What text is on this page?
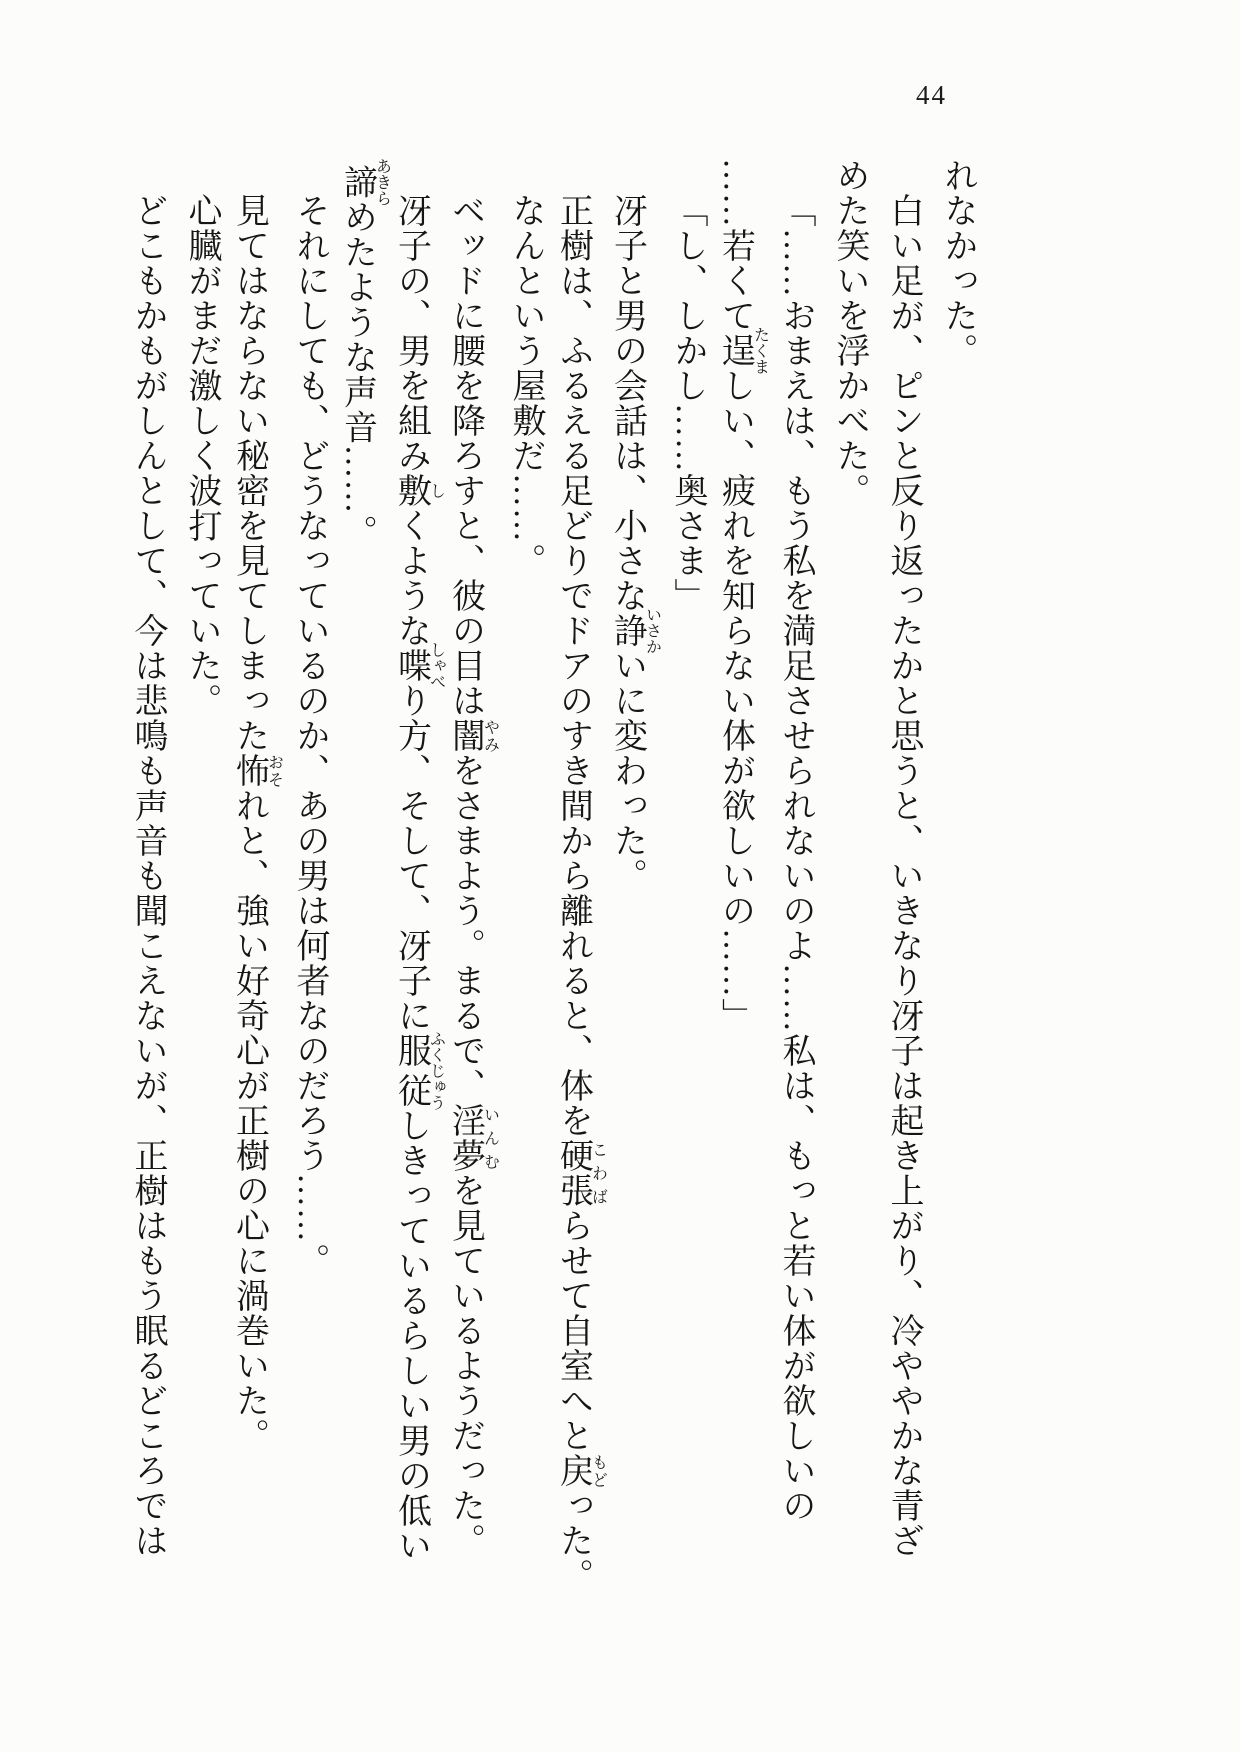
44
れなかった。
白い足が、ピンと反り返ったかと思うと、いきなり冴子は起き上がり、冷ややかな青ざ
めた笑いを浮かべた。
「……おまえは、もう私を満足させられないのよ……私は、もっと若い体が欲しいの
……若くて逞たくましい、疲れを知らない体が欲しいの……」
「し、しかし……奥さま」
冴子と男の会話は、小さな諍いさかいに変わった。
正樹は、ふるえる足どりでドアのすき間から離れると、体を硬張こわばらせて自室へと戻もどった。
なんという屋敷だ……。
ベッドに腰を降ろすと、彼の目は闇やみをさまよう。まるで、淫夢いんむを見ているようだった。
冴子の、男を組み敷しくような喋しゃべり方、そして、冴子に服従ふくじゅうしきっているらしい男の低い
諦あきらめたような声音……。
それにしても、どうなっているのか、あの男は何者なのだろう……。
見てはならない秘密を見てしまった怖おそれと、強い好奇心が正樹の心に渦巻いた。
心臓がまだ激しく波打っていた。
どこもかもがしんとして、今は悲鳴も声音も聞こえないが、正樹はもう眠るどころでは
